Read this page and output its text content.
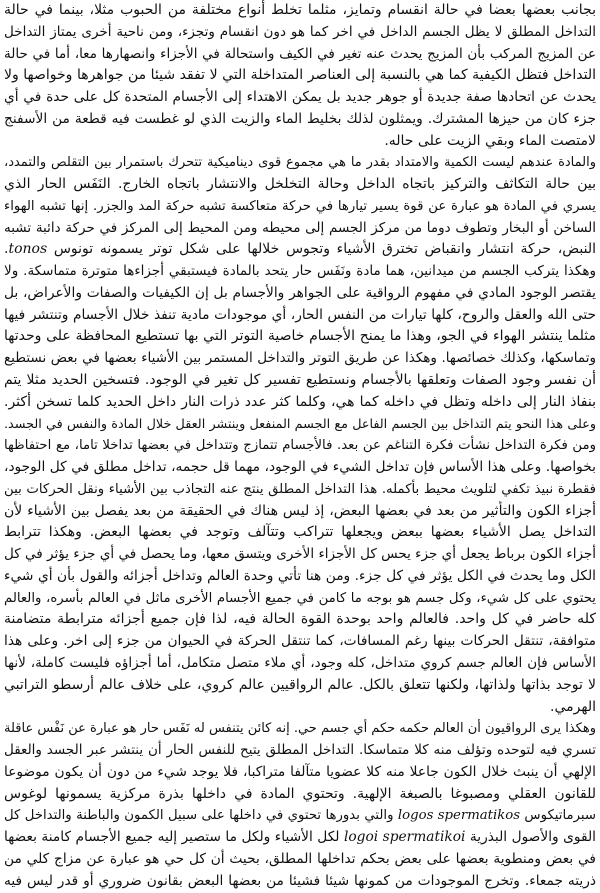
بجانب بعضها بعضا في حالة انقسام وتمايز، مثلما تخلط أنواع مختلفة من الحبوب مثلا، بينما في حالة
التداخل المطلق لا يظل الجسم الداخل في اخر كما هو دون انقسام وتجزء، ومن ناحية أخرى يمتاز التداخل
عن المزيج المركب بأن المزيج يحدث عنه تغير في الكيف واستحالة في الأجزاء وانصهارها معا، أما في حالة
التداخل فتظل الكيفية كما هي بالنسبة إلى العناصر المتداخلة التي لا تفقد شيئا من جواهرها وخواصها ولا
يحدث عن اتحادها صفة جديدة أو جوهر جديد بل يمكن الاهتداء إلى الأجسام المتحدة كل على حدة في أي
جزء كان من حيزها المشترك. ويمثلون لذلك بخليط الماء والزيت الذي لو غطست فيه قطعة من الأسفنج
لامتصت الماء وبقي الزيت على حاله.
والمادة عندهم ليست الكمية والامتداد بقدر ما هي مجموع قوى ديناميكية تتحرك باستمرار بين التقلص والتمدد،
بين حالة التكاثف والتركيز باتجاه الداخل وحالة التخلخل والانتشار باتجاه الخارج. النَفَس الحار الذي
يسري في المادة هو عبارة عن قوة يسير تيارها في حركة متعاكسة تشبه حركة المد والجزر. إنها تشبه الهواء
الساخن أو البخار وتطوف دوما من مركز الجسم إلى محيطه ومن المحيط إلى المركز في حركة دائبة تشبه
النبض، حركة انتشار وانقباض تخترق الأشياء وتجوس خلالها على شكل توتر يسمونه تونوس tonos.
وهكذا يتركب الجسم من ميدانين، هما مادة ونَفَس حار يتحد بالمادة فيستبقي أجزاءها متوترة متماسكة. ولا
يقتصر الوجود المادي في مفهوم الرواقية على الجواهر والأجسام بل إن الكيفيات والصفات والأعراض، بل
حتى الله والعقل والروح، كلها تيارات من النفس الحار، أي موجودات مادية تنفذ خلال الأجسام وتنتشر فيها
مثلما ينتشر الهواء في الجو، وهذا ما يمنح الأجسام خاصية التوتر التي بها تستطيع المحافظة على وحدتها
وتماسكها، وكذلك خصائصها. وهكذا عن طريق التوتر والتداخل المستمر بين الأشياء بعضها في بعض نستطيع
أن نفسر وجود الصفات وتعلقها بالأجسام ونستطيع تفسير كل تغير في الوجود. فتسخين الحديد مثلا يتم
بنفاذ النار إلى داخله وتظل في داخله كما هي، وكلما كثر عدد ذرات النار داخل الحديد كلما تسخن أكثر.
وعلى هذا النحو يتم التداخل بين الجسم الفاعل مع الجسم المنفعل وينتشر العقل خلال المادة والنفس في الجسد.
ومن فكرة التداخل نشأت فكرة التناغم عن بعد. فالأجسام تتمازج وتتداخل في بعضها تداخلا تاما، مع احتفاظها
بخواصها. وعلى هذا الأساس فإن تداخل الشيء في الوجود، مهما قل حجمه، تداخل مطلق في كل الوجود،
فقطرة نبيذ تكفي لتلويث محيط بأكمله. هذا التداخل المطلق ينتج عنه التجاذب بين الأشياء ونقل الحركات بين
أجزاء الكون والتأثير من بعد في بعضها البعض، إذ ليس هناك في الحقيقة من بعد يفصل بين الأشياء لأن
التداخل يصل الأشياء بعضها ببعض ويجعلها تتراكب وتتآلف وتوجد في بعضها البعض. وهكذا تترابط
أجزاء الكون برباط يجعل أي جزء يحس كل الأجزاء الأخرى ويتسق معها، وما يحصل في أي جزء يؤثر في كل
الكل وما يحدث في الكل يؤثر في كل جزء. ومن هنا تأتي وحدة العالم وتداخل أجزائه والقول بأن أي شيء
يحتوي على كل شيء، وكل جسم هو بوجه ما كامن في جميع الأجسام الأخرى ماثل في العالم بأسره، والعالم
كله حاضر في كل واحد. فالعالم واحد بوحدة القوة الحالة فيه، لذا فإن جميع أجزائه مترابطة متضامنة
متوافقة، تنتقل الحركات بينها رغم المسافات، كما تنتقل الحركة في الحيوان من جزء إلى اخر. وعلى هذا
الأساس فإن العالم جسم كروي متداخل، كله وجود، أي ملاء متصل متكامل، أما أجزاؤه فليست كاملة، لأنها
لا توجد بذاتها ولذاتها، ولكنها تتعلق بالكل. عالم الرواقيين عالم كروي، على خلاف عالم أرسطو التراتبي
الهرمي.
وهكذا يرى الرواقيون أن العالم حكمه حكم أي جسم حي. إنه كائن يتنفس له نَفَس حار هو عبارة عن نَفْس عاقلة
تسري فيه لتوحده وتؤلف منه كلا متماسكا. التداخل المطلق يتيح للنفس الحار أن ينتشر عبر الجسد والعقل
الإلهي أن ينبث خلال الكون جاعلا منه كلا عضويا متآلفا متراكبا، فلا يوجد شيء من دون أن يكون موضوعا
للقانون العقلي ومصبوغا بالصبغة الإلهية. وتحتوي المادة في داخلها بذرة مركزية يسمونها لوغوس
سبرماتيكوس logos spermatikos والتي بدورها تحتوي في داخلها على سبيل الكمون والباطنة والتداخل كل
القوى والأصول البذرية logoi spermatikoi لكل الأشياء ولكل ما ستصير إليه جميع الأجسام كامنة بعضها
في بعض ومنطوية بعضها على بعض بحكم تداخلها المطلق، بحيث أن كل حي هو عبارة عن مزاج كلي من
ذريته جمعاء. وتخرج الموجودات من كمونها شيئا فشيئا من بعضها البعض بقانون ضروري أو قدر ليس فيه
